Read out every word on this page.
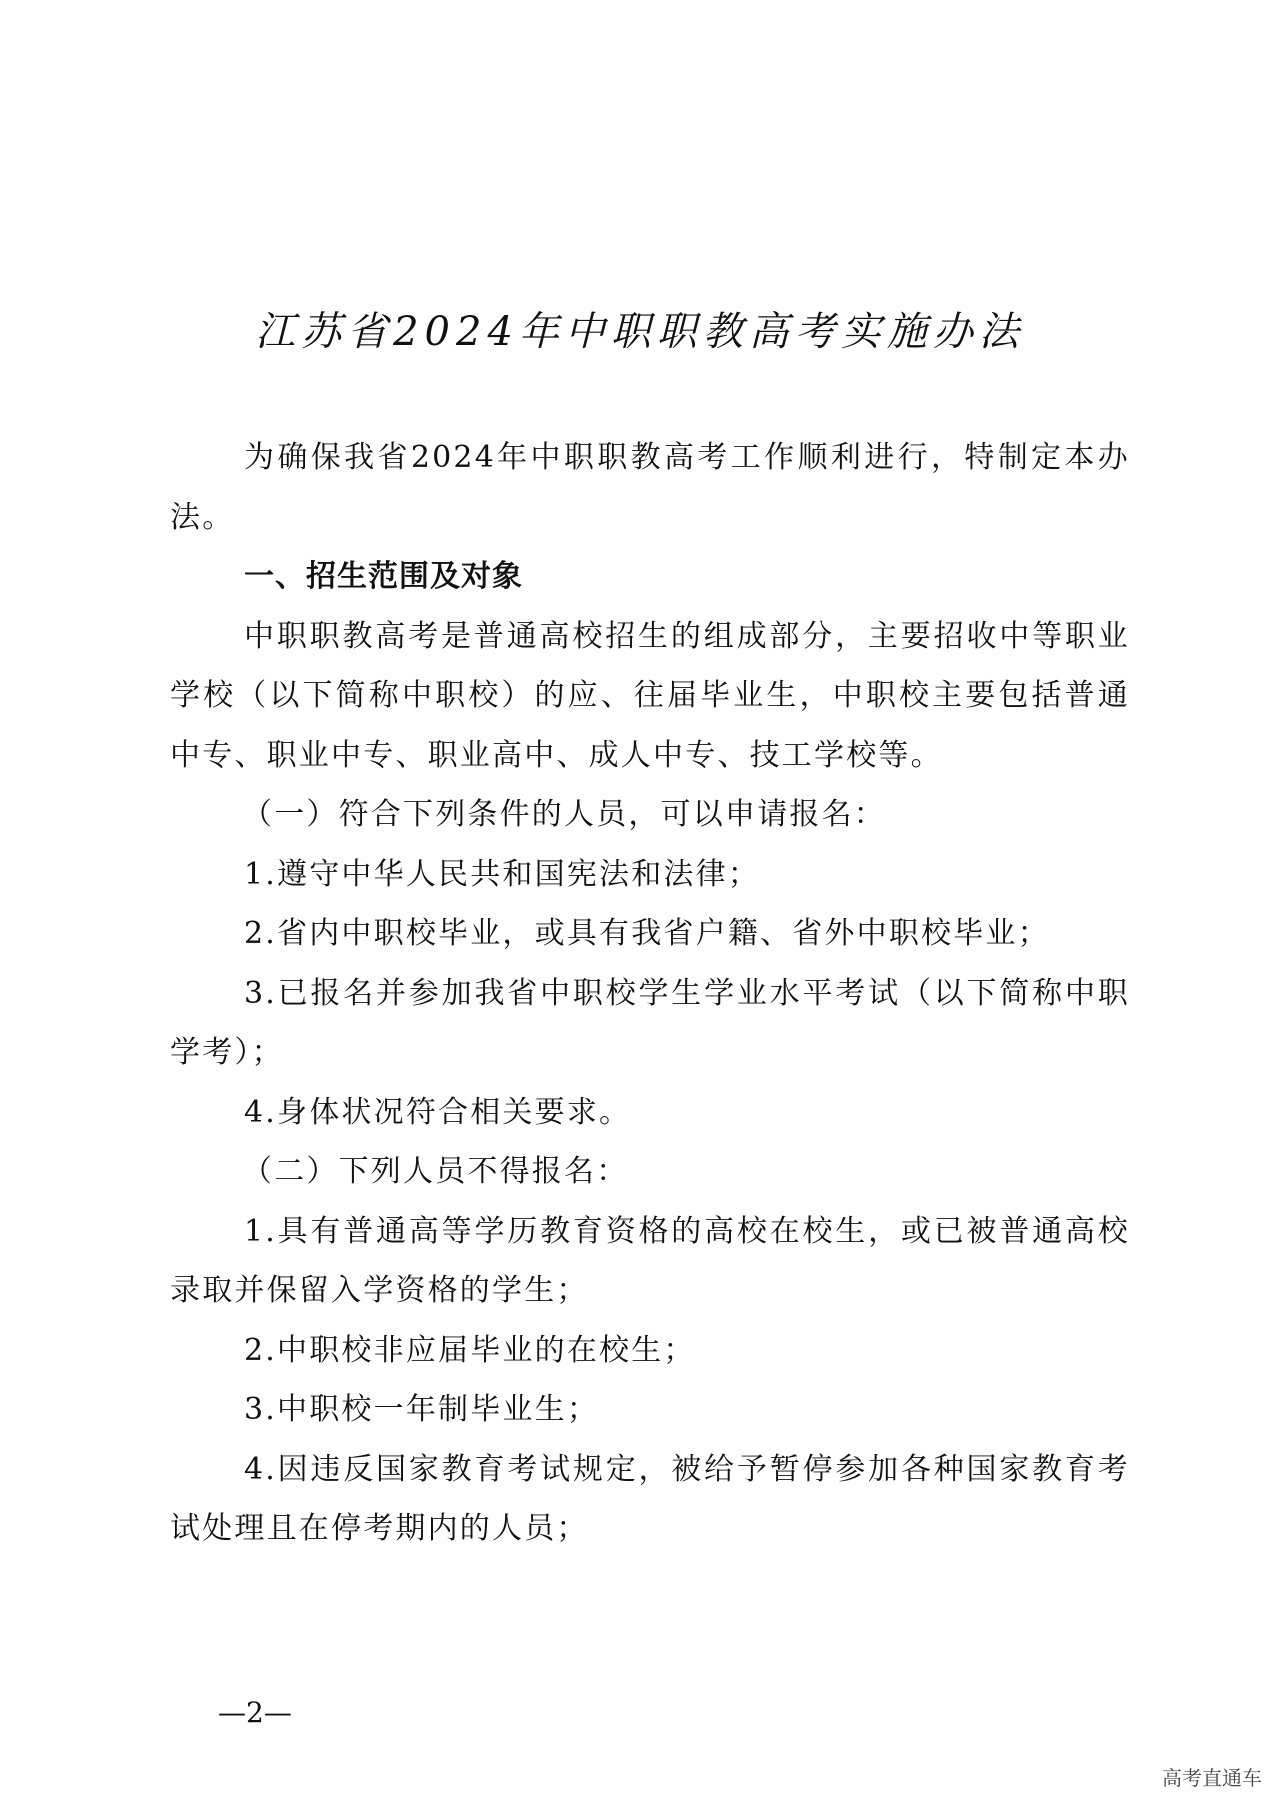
江苏省2024年中职职教高考实施办法

为确保我省2024年中职职教高考工作顺利进行，特制定本办法。

一、招生范围及对象

中职职教高考是普通高校招生的组成部分，主要招收中等职业学校（以下简称中职校）的应、往届毕业生，中职校主要包括普通中专、职业中专、职业高中、成人中专、技工学校等。

（一）符合下列条件的人员，可以申请报名：

1.遵守中华人民共和国宪法和法律；

2.省内中职校毕业，或具有我省户籍、省外中职校毕业；

3.已报名并参加我省中职校学生学业水平考试（以下简称中职学考）；

4.身体状况符合相关要求。

（二）下列人员不得报名：

1.具有普通高等学历教育资格的高校在校生，或已被普通高校录取并保留入学资格的学生；

2.中职校非应届毕业的在校生；

3.中职校一年制毕业生；

4.因违反国家教育考试规定，被给予暂停参加各种国家教育考试处理且在停考期内的人员；

—2—
高考直通车
